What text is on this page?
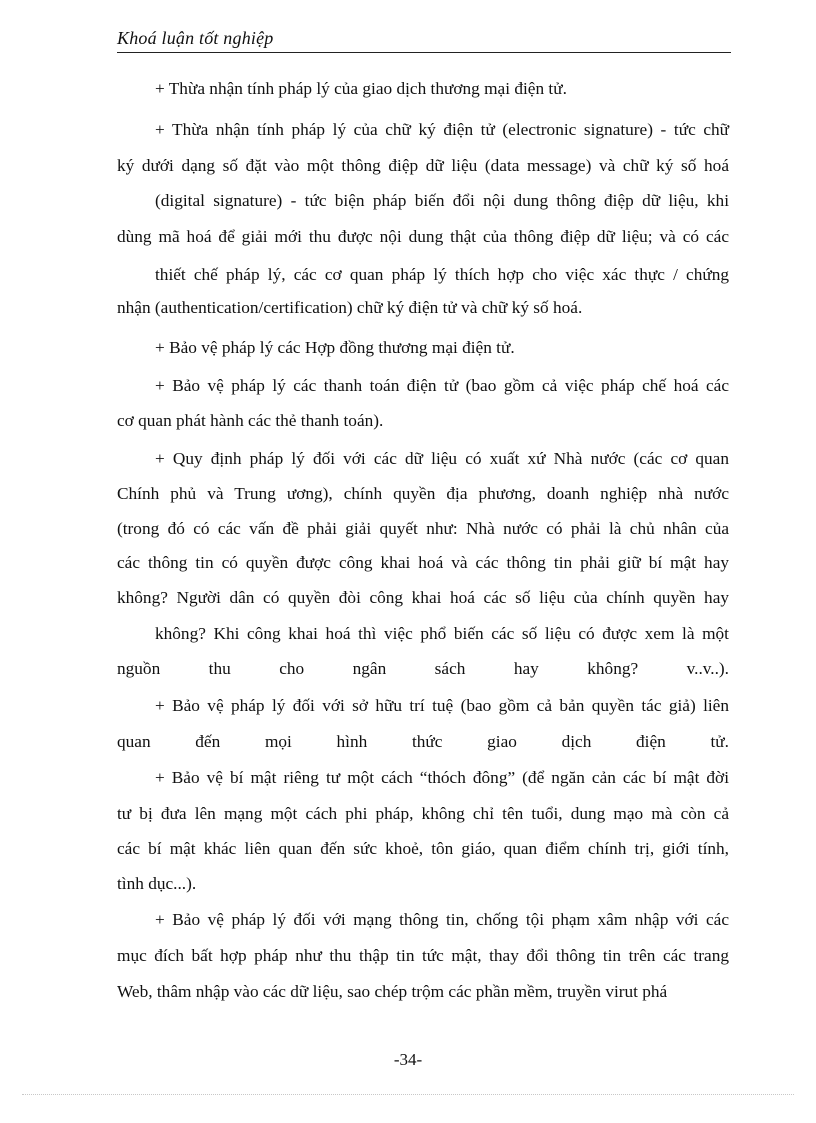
Khoá luận tốt nghiệp
+ Thừa nhận tính pháp lý của giao dịch thương mại điện tử.
+ Thừa nhận tính pháp lý của chữ ký điện tử (electronic signature) - tức chữ
ký dưới dạng số đặt vào một thông điệp dữ liệu (data message) và chữ ký số hoá
(digital signature) - tức biện pháp biến đổi nội dung thông điệp dữ liệu, khi
dùng mã hoá để giải mới thu được nội dung thật của thông điệp dữ liệu; và có các
thiết chế pháp lý, các cơ quan pháp lý thích hợp cho việc xác thực / chứng
nhận (authentication/certification) chữ ký điện tử và chữ ký số hoá.
+ Bảo vệ pháp lý các Hợp đồng thương mại điện tử.
+ Bảo vệ pháp lý các thanh toán điện tử (bao gồm cả việc pháp chế hoá các
cơ quan phát hành các thẻ thanh toán).
+ Quy định pháp lý đối với các dữ liệu có xuất xứ Nhà nước (các cơ quan
Chính phủ và Trung ương), chính quyền địa phương, doanh nghiệp nhà nước
(trong đó có các vấn đề phải giải quyết như: Nhà nước có phải là chủ nhân của
các thông tin có quyền được công khai hoá và các thông tin phải giữ bí mật hay
không? Người dân có quyền đòi công khai hoá các số liệu của chính quyền hay
không? Khi công khai hoá thì việc phổ biến các số liệu có được xem là một
nguồn thu cho ngân sách hay không? v..v..).
+ Bảo vệ pháp lý đối với sở hữu trí tuệ (bao gồm cả bản quyền tác giả) liên
quan đến mọi hình thức giao dịch điện tử.
+ Bảo vệ bí mật riêng tư một cách “thóch đông” (để ngăn cản các bí mật đời
tư bị đưa lên mạng một cách phi pháp, không chỉ tên tuổi, dung mạo mà còn cả
các bí mật khác liên quan đến sức khoẻ, tôn giáo, quan điểm chính trị, giới tính,
tình dục...).
+ Bảo vệ pháp lý đối với mạng thông tin, chống tội phạm xâm nhập với các
mục đích bất hợp pháp như thu thập tin tức mật, thay đổi thông tin trên các trang
Web, thâm nhập vào các dữ liệu, sao chép trộm các phần mềm, truyền virut phá
-34-
